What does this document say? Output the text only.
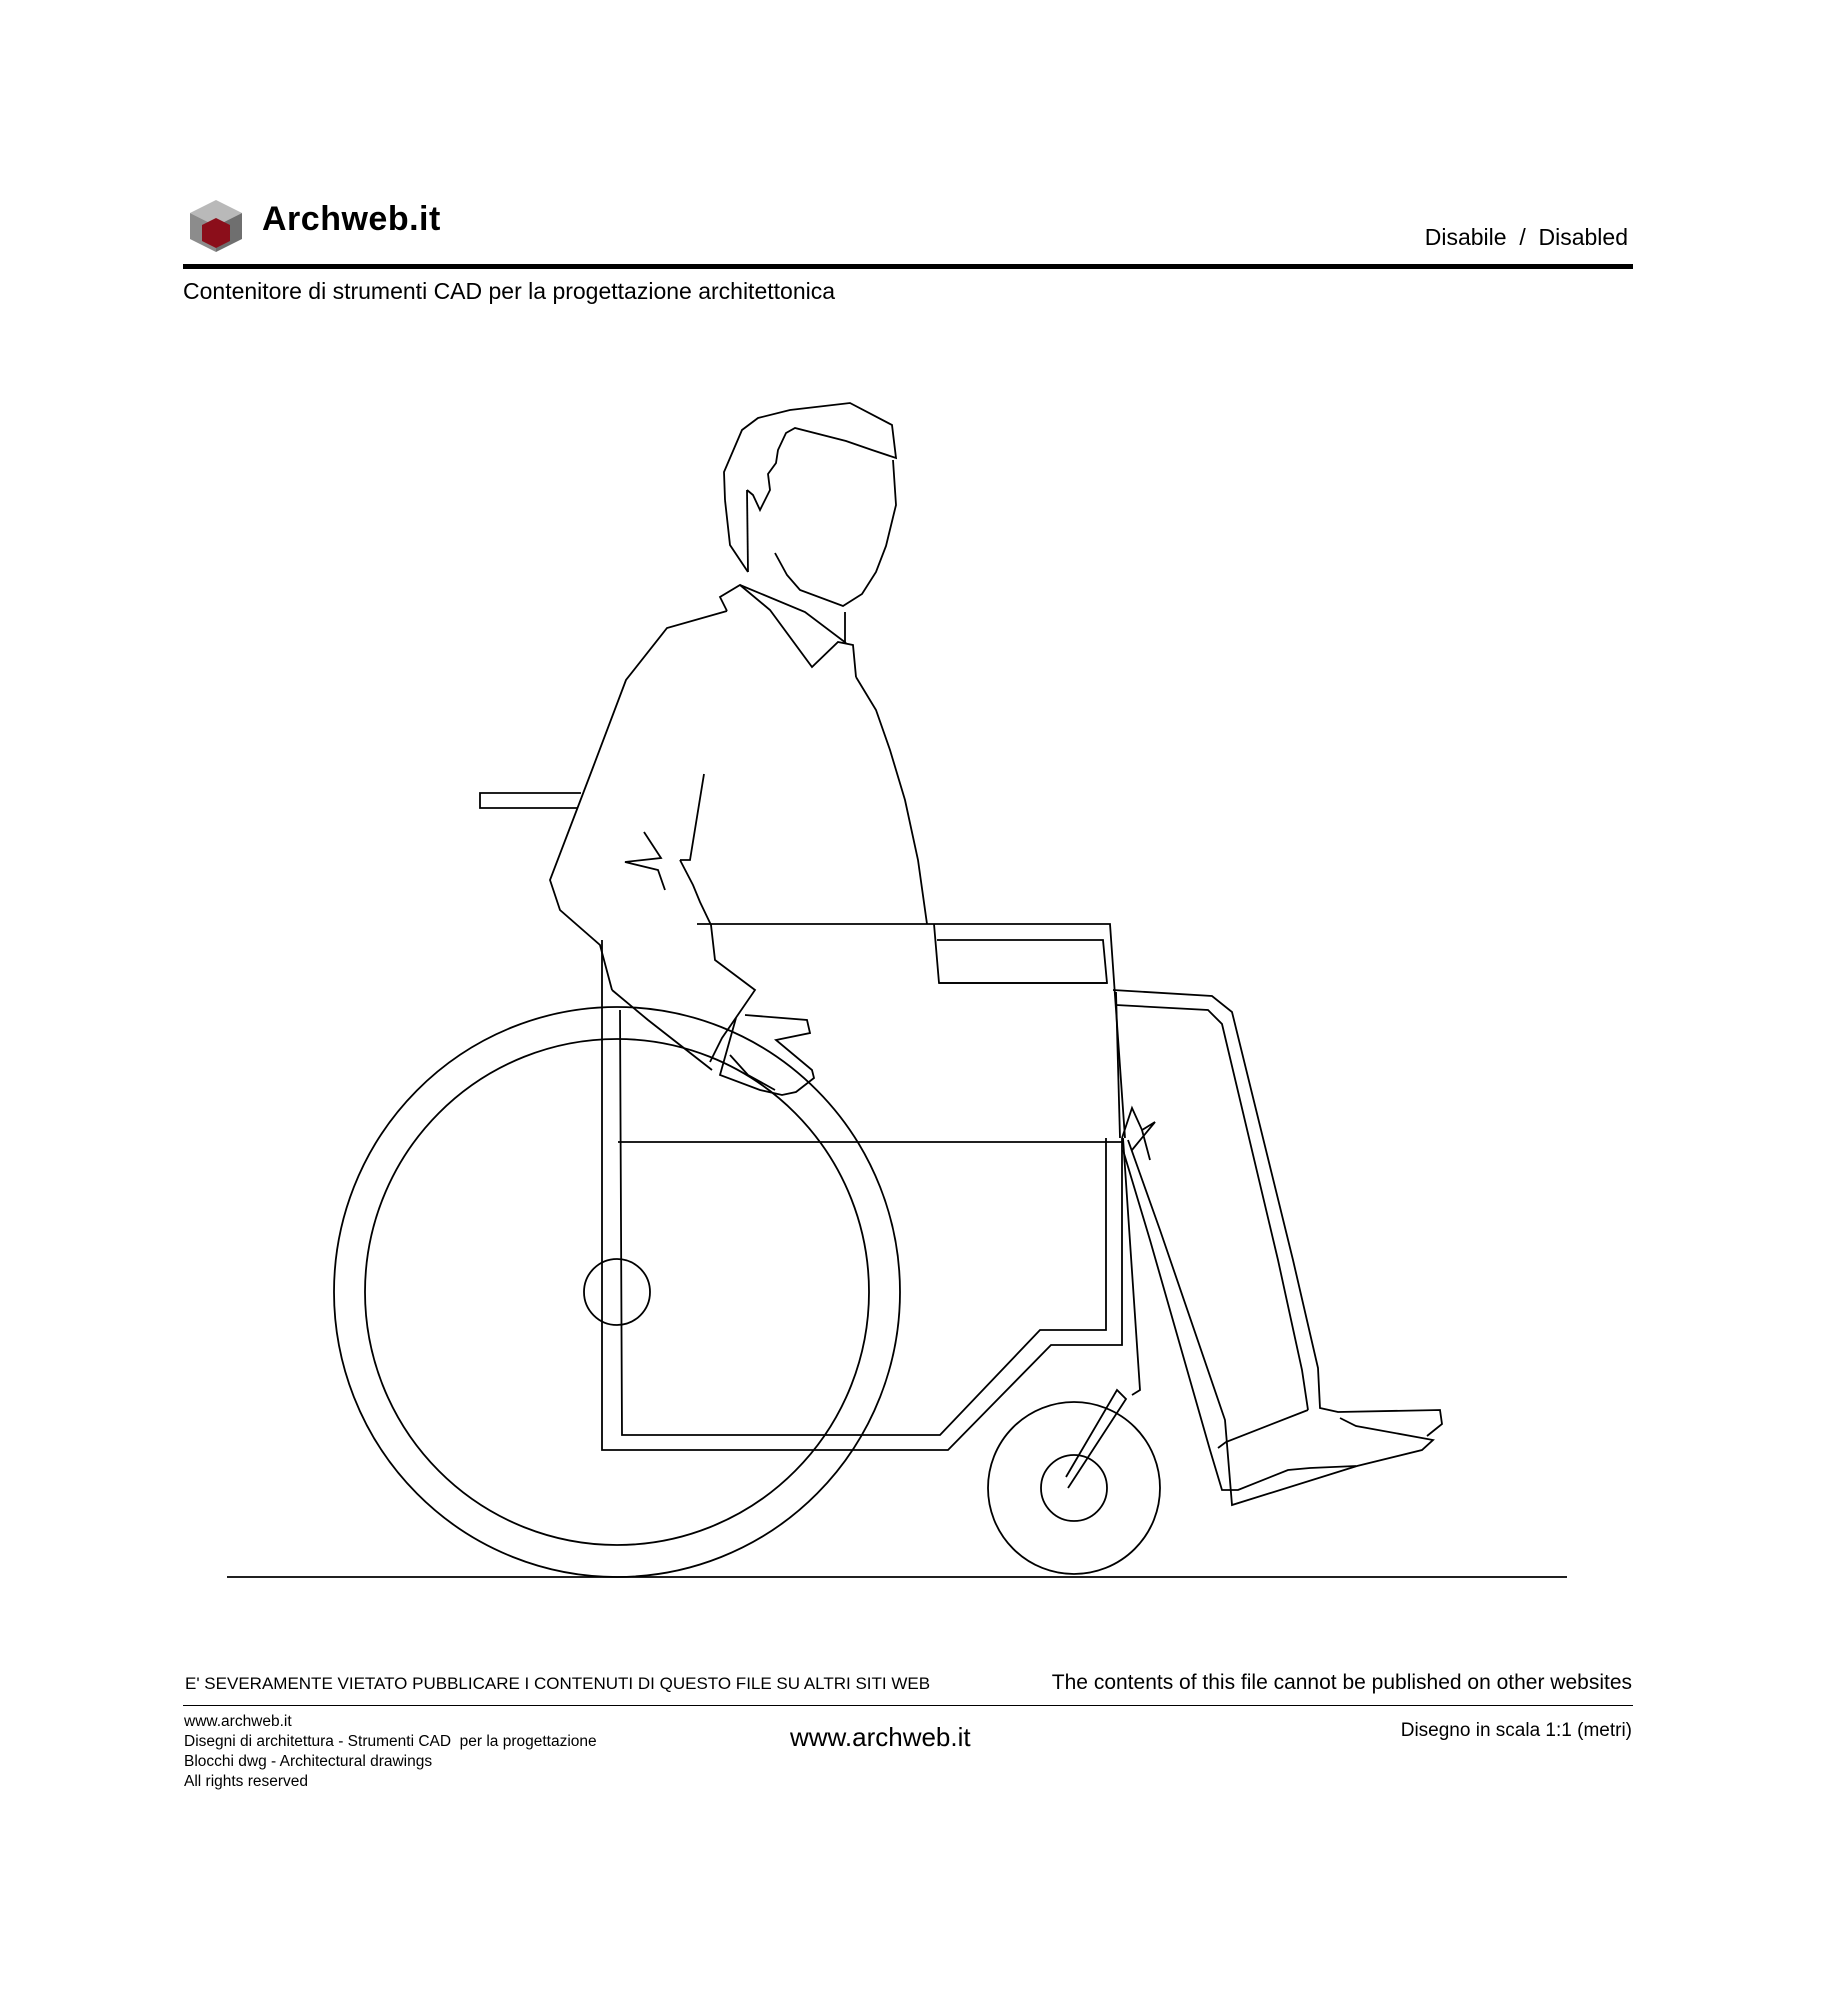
Archweb.it	Disabile  /  Disabled
Contenitore di strumenti CAD per la progettazione architettonica
E' SEVERAMENTE VIETATO PUBBLICARE I CONTENUTI DI QUESTO FILE SU ALTRI SITI WEB	The contents of this file cannot be published on other websites
www.archweb.it
Disegni di architettura - Strumenti CAD  per la progettazione
Blocchi dwg - Architectural drawings
All rights reserved
www.archweb.it	Disegno in scala 1:1 (metri)
